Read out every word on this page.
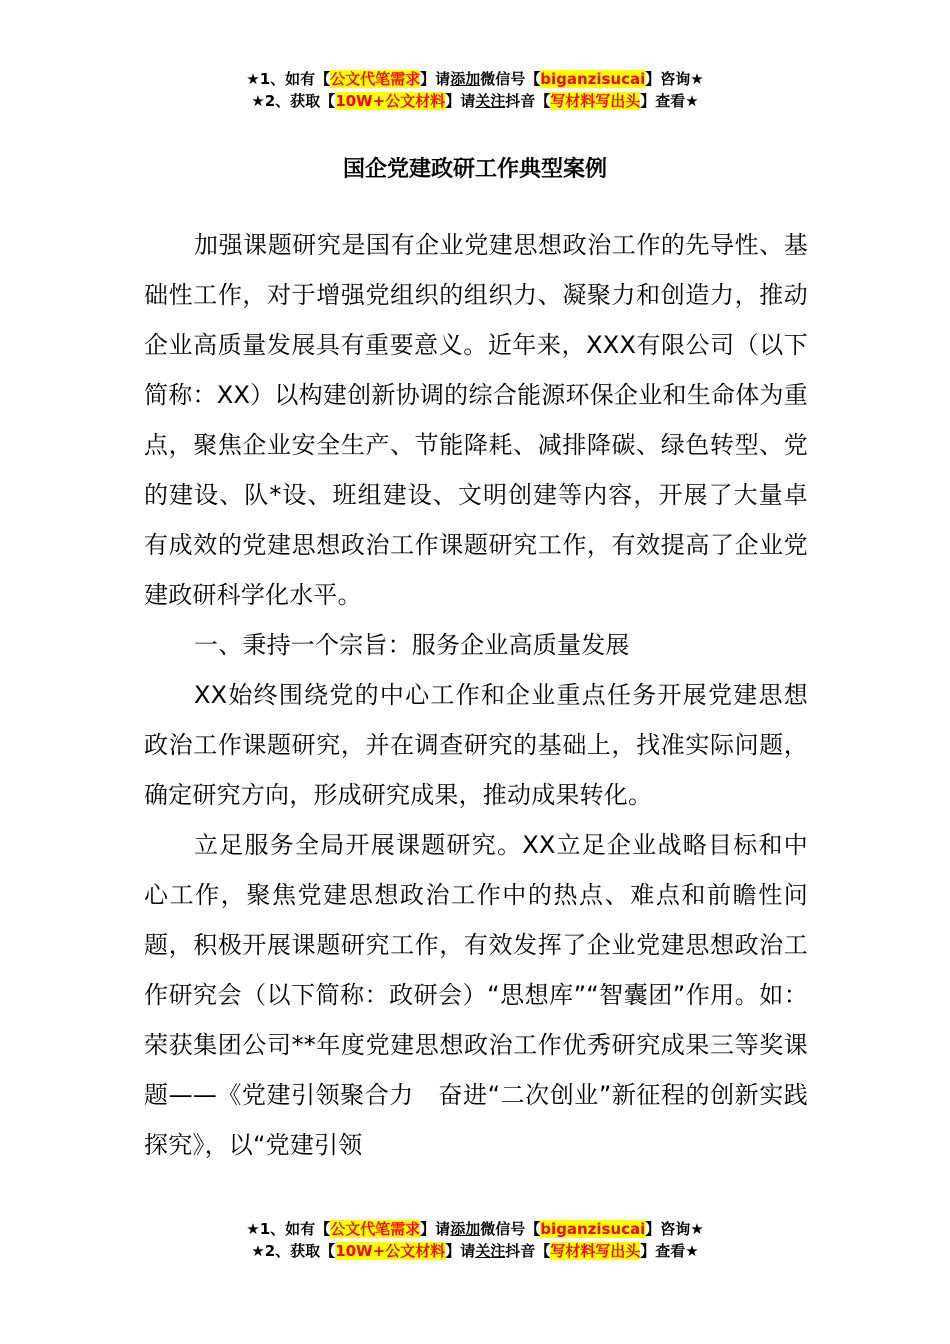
★1、如有【公文代笔需求】请添加微信号【biganzisucai】咨询★
★2、获取【10W+公文材料】请关注抖音【写材料写出头】查看★
国企党建政研工作典型案例

加强课题研究是国有企业党建思想政治工作的先导性、基础性工作，对于增强党组织的组织力、凝聚力和创造力，推动企业高质量发展具有重要意义。近年来，XXX有限公司（以下简称：XX）以构建创新协调的综合能源环保企业和生命体为重点，聚焦企业安全生产、节能降耗、减排降碳、绿色转型、党的建设、队*设、班组建设、文明创建等内容，开展了大量卓有成效的党建思想政治工作课题研究工作，有效提高了企业党建政研科学化水平。

一、秉持一个宗旨：服务企业高质量发展

XX始终围绕党的中心工作和企业重点任务开展党建思想政治工作课题研究，并在调查研究的基础上，找准实际问题，确定研究方向，形成研究成果，推动成果转化。

立足服务全局开展课题研究。XX立足企业战略目标和中心工作，聚焦党建思想政治工作中的热点、难点和前瞻性问题，积极开展课题研究工作，有效发挥了企业党建思想政治工作研究会（以下简称：政研会）“思想库”“智囊团”作用。如：荣获集团公司**年度党建思想政治工作优秀研究成果三等奖课题——《党建引领聚合力　奋进“二次创业”新征程的创新实践探究》，以“党建引领

★1、如有【公文代笔需求】请添加微信号【biganzisucai】咨询★
★2、获取【10W+公文材料】请关注抖音【写材料写出头】查看★
